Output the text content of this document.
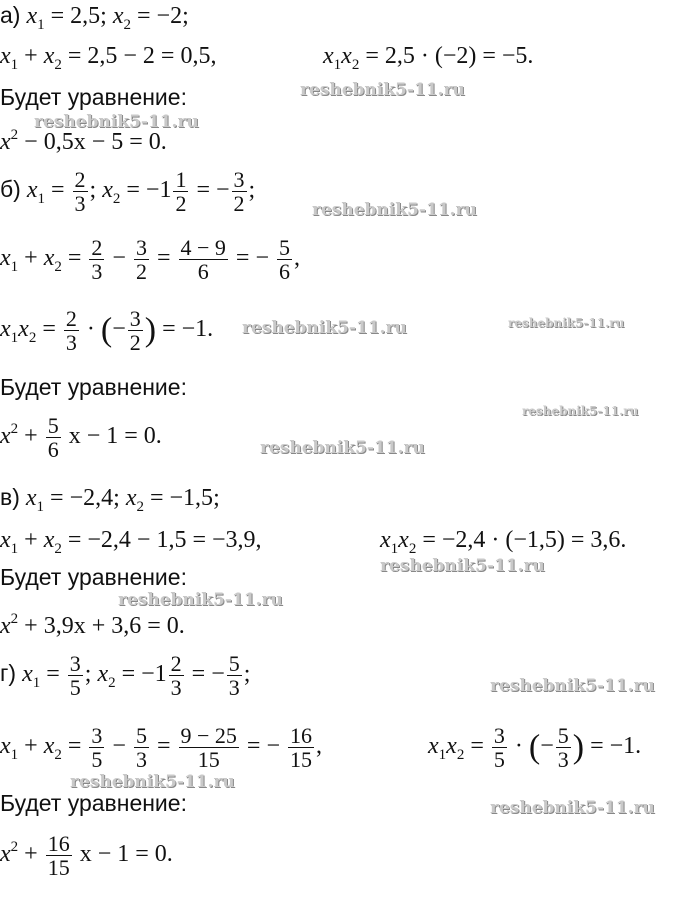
а) $x_1 = 2,5$; $x_2 = -2$;
$x_1 + x_2 = 2,5 - 2 = 0,5$,	$x_1x_2 = 2,5 \cdot (-2) = -5$.
Будет уравнение:
$x^2 - 0,5x - 5 = 0$.
б) $x_1 = \frac{2}{3}$ ; $x_2 = -1 \frac{1}{2}$ = − $\frac{3}{2}$ ;
$x_1 + x_2 = \frac{2}{3} - \frac{3}{2} = \frac{4 - 9}{6}$ = − $\frac{5}{6}$ ,
$x_1x_2 = \frac{2}{3}$ · (− $\frac{3}{2}$ ) = −1.
Будет уравнение:
$x^2 + \frac{5}{6}$ x − 1 = 0.
в) $x_1 = -2,4$; $x_2 = -1,5$;
$x_1 + x_2 = -2,4 - 1,5 = -3,9$,	$x_1x_2 = -2,4 \cdot (-1,5) = 3,6$.
Будет уравнение:
$x^2 + 3,9x + 3,6 = 0$.
г) $x_1 = \frac{3}{5}$ ; $x_2 = -1 \frac{2}{3}$ = − $\frac{5}{3}$ ;
$x_1 + x_2 = \frac{3}{5} - \frac{5}{3} = \frac{9 - 25}{15}$ = − $\frac{16}{15}$ ,	$x_1x_2 = \frac{3}{5}$ · (− $\frac{5}{3}$ ) = −1.
Будет уравнение:
$x^2 + \frac{16}{15}$ x − 1 = 0.
reshebnik5-11.ru
reshebnik5-11.ru
reshebnik5-11.ru
reshebnik5-11.ru	reshebnik5-11.ru
reshebnik5-11.ru
reshebnik5-11.ru
reshebnik5-11.ru
reshebnik5-11.ru
reshebnik5-11.ru
reshebnik5-11.ru
reshebnik5-11.ru
